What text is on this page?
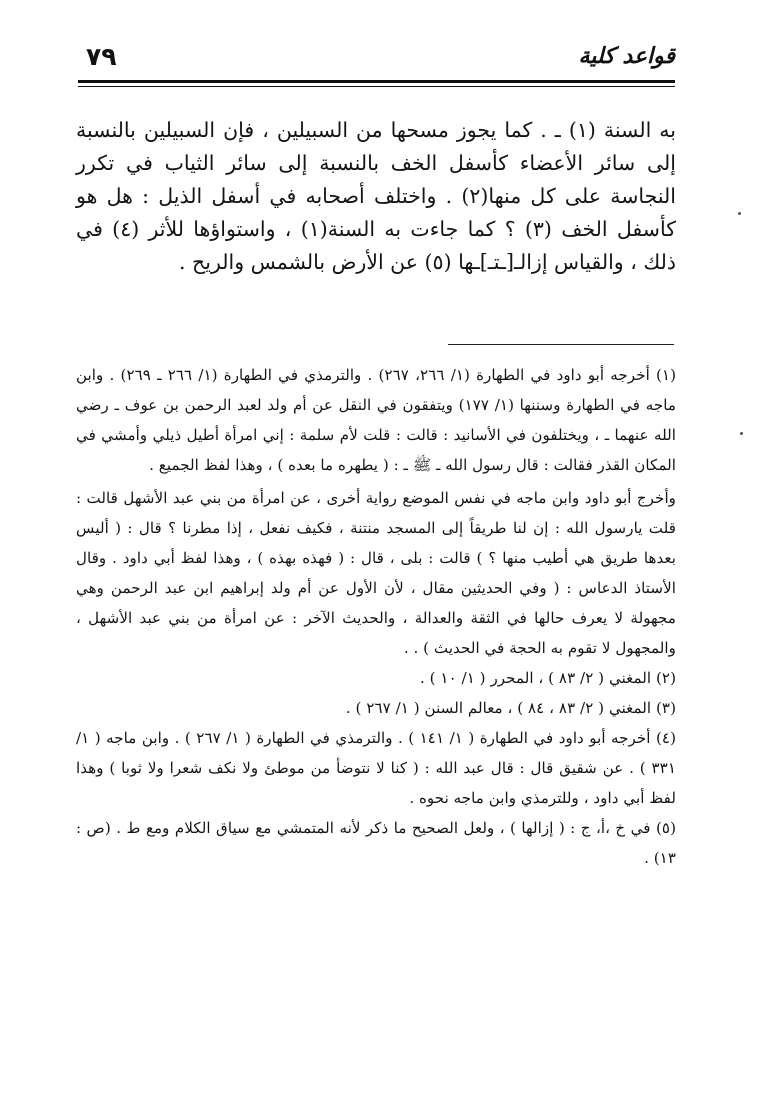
قواعد كلية
٧٩

به السنة (١) ـ . كما يجوز مسحها من السبيلين ، فإن السبيلين بالنسبة إلى سائر الأعضاء كأسفل الخف بالنسبة إلى سائر الثياب في تكرر النجاسة على كل منها(٢) . واختلف أصحابه في أسفل الذيل : هل هو كأسفل الخف (٣) ؟ كما جاءت به السنة(١) ، واستواؤها للأثر (٤) في ذلك ، والقياس إزالـ[ـتـ]ـها (٥) عن الأرض بالشمس والريح .

(١) أخرجه أبو داود في الطهارة (١/ ٢٦٦، ٢٦٧) . والترمذي في الطهارة (١/ ٢٦٦ ـ ٢٦٩) . وابن ماجه في الطهارة وسننها (١/ ١٧٧) ويتفقون في النقل عن أم ولد لعبد الرحمن بن عوف ـ رضي الله عنهما ـ ، ويختلفون في الأسانيد : قالت : قلت لأم سلمة : إني امرأة أطيل ذيلي وأمشي في المكان القذر فقالت : قال رسول الله ـ ﷺ ـ : ( يطهره ما بعده ) ، وهذا لفظ الجميع .

وأخرج أبو داود وابن ماجه في نفس الموضع رواية أخرى ، عن امرأة من بني عبد الأشهل قالت : قلت يارسول الله : إن لنا طريقاً إلى المسجد منتنة ، فكيف نفعل ، إذا مطرنا ؟ قال : ( أليس بعدها طريق هي أطيب منها ؟ ) قالت : بلى ، قال : ( فهذه بهذه ) ، وهذا لفظ أبي داود . وقال الأستاذ الدعاس : ( وفي الحديثين مقال ، لأن الأول عن أم ولد إبراهيم ابن عبد الرحمن وهي مجهولة لا يعرف حالها في الثقة والعدالة ، والحديث الآخر : عن امرأة من بني عبد الأشهل ، والمجهول لا تقوم به الحجة في الحديث ) . .

(٢) المغني ( ٢/ ٨٣ ) ، المحرر ( ١/ ١٠ ) .

(٣) المغني ( ٢/ ٨٣ ، ٨٤ ) ، معالم السنن ( ١/ ٢٦٧ ) .

(٤) أخرجه أبو داود في الطهارة ( ١/ ١٤١ ) . والترمذي في الطهارة ( ١/ ٢٦٧ ) . وابن ماجه ( ١/ ٣٣١ ) . عن شقيق قال : قال عبد الله : ( كنا لا نتوضأ من موطئ ولا نكف شعرا ولا ثوبا ) وهذا لفظ أبي داود ، وللترمذي وابن ماجه نحوه .

(٥) في خ ،أ، ج : ( إزالها ) ، ولعل الصحيح ما ذكر لأنه المتمشي مع سياق الكلام ومع ط . (ص : ١٣) .
